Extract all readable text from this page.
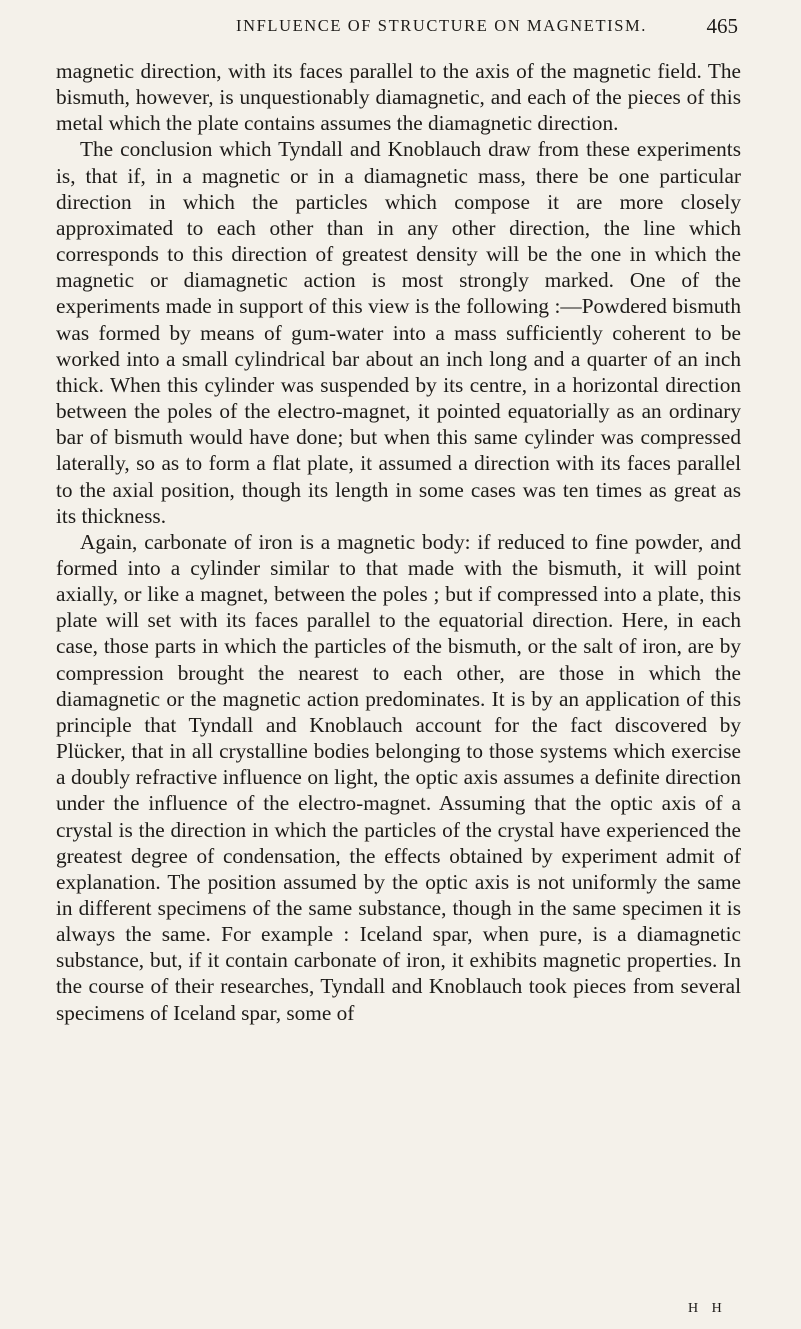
INFLUENCE OF STRUCTURE ON MAGNETISM.	465

magnetic direction, with its faces parallel to the axis of the magnetic field. The bismuth, however, is unquestionably diamagnetic, and each of the pieces of this metal which the plate contains assumes the diamagnetic direction.

The conclusion which Tyndall and Knoblauch draw from these experiments is, that if, in a magnetic or in a diamagnetic mass, there be one particular direction in which the particles which compose it are more closely approximated to each other than in any other direction, the line which corresponds to this direction of greatest density will be the one in which the magnetic or diamagnetic action is most strongly marked. One of the experiments made in support of this view is the following :—Powdered bismuth was formed by means of gum-water into a mass sufficiently coherent to be worked into a small cylindrical bar about an inch long and a quarter of an inch thick. When this cylinder was suspended by its centre, in a horizontal direction between the poles of the electro-magnet, it pointed equatorially as an ordinary bar of bismuth would have done; but when this same cylinder was compressed laterally, so as to form a flat plate, it assumed a direction with its faces parallel to the axial position, though its length in some cases was ten times as great as its thickness.

Again, carbonate of iron is a magnetic body: if reduced to fine powder, and formed into a cylinder similar to that made with the bismuth, it will point axially, or like a magnet, between the poles ; but if compressed into a plate, this plate will set with its faces parallel to the equatorial direction. Here, in each case, those parts in which the particles of the bismuth, or the salt of iron, are by compression brought the nearest to each other, are those in which the diamagnetic or the magnetic action predominates. It is by an application of this principle that Tyndall and Knoblauch account for the fact discovered by Plücker, that in all crystalline bodies belonging to those systems which exercise a doubly refractive influence on light, the optic axis assumes a definite direction under the influence of the electro-magnet. Assuming that the optic axis of a crystal is the direction in which the particles of the crystal have experienced the greatest degree of condensation, the effects obtained by experiment admit of explanation. The position assumed by the optic axis is not uniformly the same in different specimens of the same substance, though in the same specimen it is always the same. For example : Iceland spar, when pure, is a diamagnetic substance, but, if it contain carbonate of iron, it exhibits magnetic properties. In the course of their researches, Tyndall and Knoblauch took pieces from several specimens of Iceland spar, some of

H H
